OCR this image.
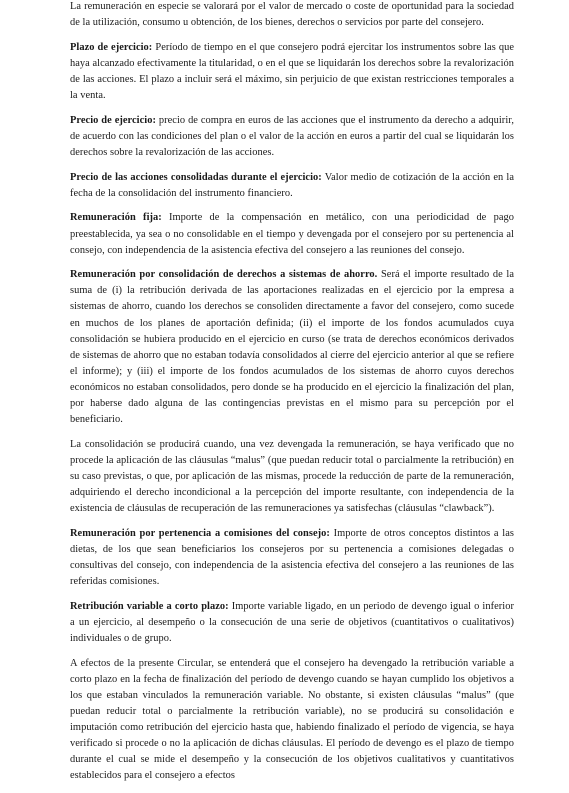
La remuneración en especie se valorará por el valor de mercado o coste de oportunidad para la sociedad de la utilización, consumo u obtención, de los bienes, derechos o servicios por parte del consejero.

Plazo de ejercicio: Período de tiempo en el que consejero podrá ejercitar los instrumentos sobre las que haya alcanzado efectivamente la titularidad, o en el que se liquidarán los derechos sobre la revalorización de las acciones. El plazo a incluir será el máximo, sin perjuicio de que existan restricciones temporales a la venta.

Precio de ejercicio: precio de compra en euros de las acciones que el instrumento da derecho a adquirir, de acuerdo con las condiciones del plan o el valor de la acción en euros a partir del cual se liquidarán los derechos sobre la revalorización de las acciones.

Precio de las acciones consolidadas durante el ejercicio: Valor medio de cotización de la acción en la fecha de la consolidación del instrumento financiero.

Remuneración fija: Importe de la compensación en metálico, con una periodicidad de pago preestablecida, ya sea o no consolidable en el tiempo y devengada por el consejero por su pertenencia al consejo, con independencia de la asistencia efectiva del consejero a las reuniones del consejo.

Remuneración por consolidación de derechos a sistemas de ahorro. Será el importe resultado de la suma de (i) la retribución derivada de las aportaciones realizadas en el ejercicio por la empresa a sistemas de ahorro, cuando los derechos se consoliden directamente a favor del consejero, como sucede en muchos de los planes de aportación definida; (ii) el importe de los fondos acumulados cuya consolidación se hubiera producido en el ejercicio en curso (se trata de derechos económicos derivados de sistemas de ahorro que no estaban todavía consolidados al cierre del ejercicio anterior al que se refiere el informe); y (iii) el importe de los fondos acumulados de los sistemas de ahorro cuyos derechos económicos no estaban consolidados, pero donde se ha producido en el ejercicio la finalización del plan, por haberse dado alguna de las contingencias previstas en el mismo para su percepción por el beneficiario.

La consolidación se producirá cuando, una vez devengada la remuneración, se haya verificado que no procede la aplicación de las cláusulas “malus” (que puedan reducir total o parcialmente la retribución) en su caso previstas, o que, por aplicación de las mismas, procede la reducción de parte de la remuneración, adquiriendo el derecho incondicional a la percepción del importe resultante, con independencia de la existencia de cláusulas de recuperación de las remuneraciones ya satisfechas (cláusulas “clawback”).

Remuneración por pertenencia a comisiones del consejo: Importe de otros conceptos distintos a las dietas, de los que sean beneficiarios los consejeros por su pertenencia a comisiones delegadas o consultivas del consejo, con independencia de la asistencia efectiva del consejero a las reuniones de las referidas comisiones.

Retribución variable a corto plazo: Importe variable ligado, en un periodo de devengo igual o inferior a un ejercicio, al desempeño o la consecución de una serie de objetivos (cuantitativos o cualitativos) individuales o de grupo.

A efectos de la presente Circular, se entenderá que el consejero ha devengado la retribución variable a corto plazo en la fecha de finalización del período de devengo cuando se hayan cumplido los objetivos a los que estaban vinculados la remuneración variable. No obstante, si existen cláusulas “malus” (que puedan reducir total o parcialmente la retribución variable), no se producirá su consolidación e imputación como retribución del ejercicio hasta que, habiendo finalizado el período de vigencia, se haya verificado si procede o no la aplicación de dichas cláusulas. El período de devengo es el plazo de tiempo durante el cual se mide el desempeño y la consecución de los objetivos cualitativos y cuantitativos establecidos para el consejero a efectos
